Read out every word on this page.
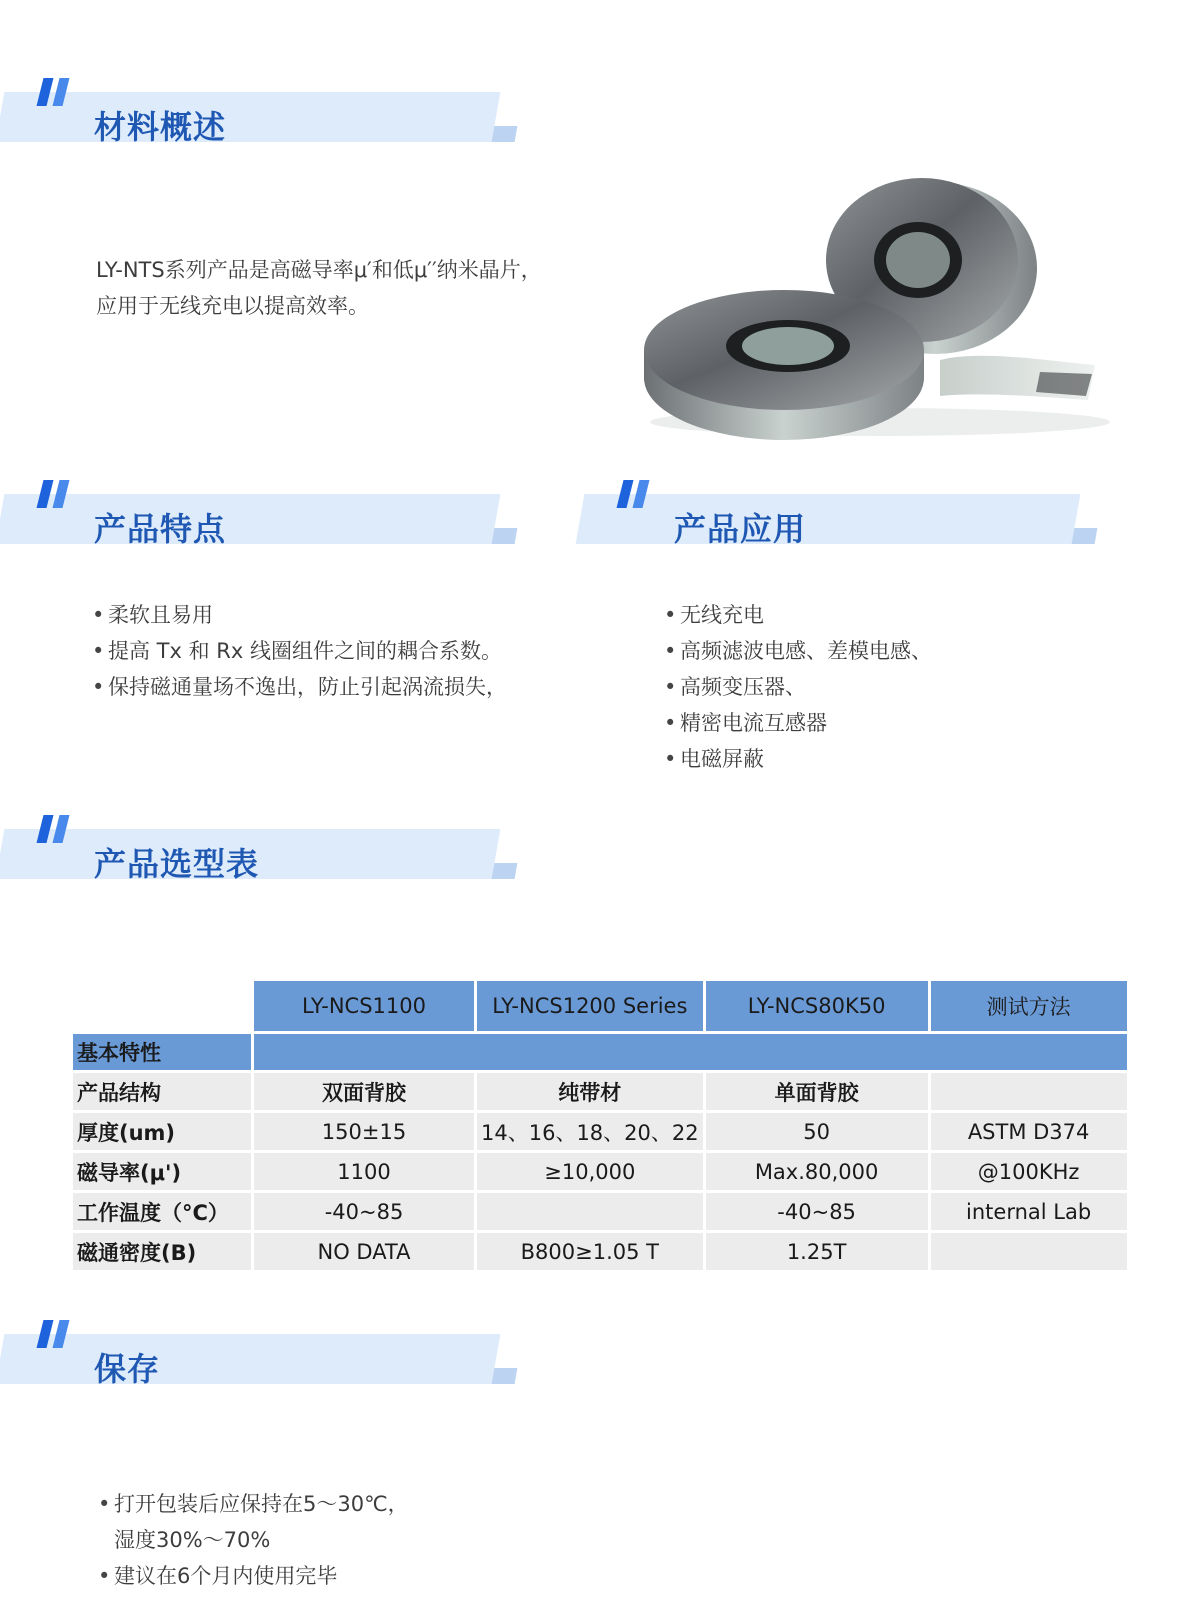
材料概述
LY-NTS系列产品是高磁导率μ′和低μ′′纳米晶片，应用于无线充电以提高效率。
产品特点
• 柔软且易用
• 提高 Tx 和 Rx 线圈组件之间的耦合系数。
• 保持磁通量场不逸出，防止引起涡流损失，
产品应用
• 无线充电
• 高频滤波电感、差模电感、
• 高频变压器、
• 精密电流互感器
• 电磁屏蔽
产品选型表
	LY-NCS1100	LY-NCS1200 Series	LY-NCS80K50	测试方法
基本特性				
产品结构	双面背胶	纯带材	单面背胶	
厚度(um)	150±15	14、16、18、20、22	50	ASTM D374
磁导率(μ')	1100	≥10,000	Max.80,000	@100KHz
工作温度（°C）	-40~85		-40~85	internal Lab
磁通密度(B)	NO DATA	B800≥1.05 T	1.25T	
保存
• 打开包装后应保持在5～30℃，
湿度30%～70%
• 建议在6个月内使用完毕
